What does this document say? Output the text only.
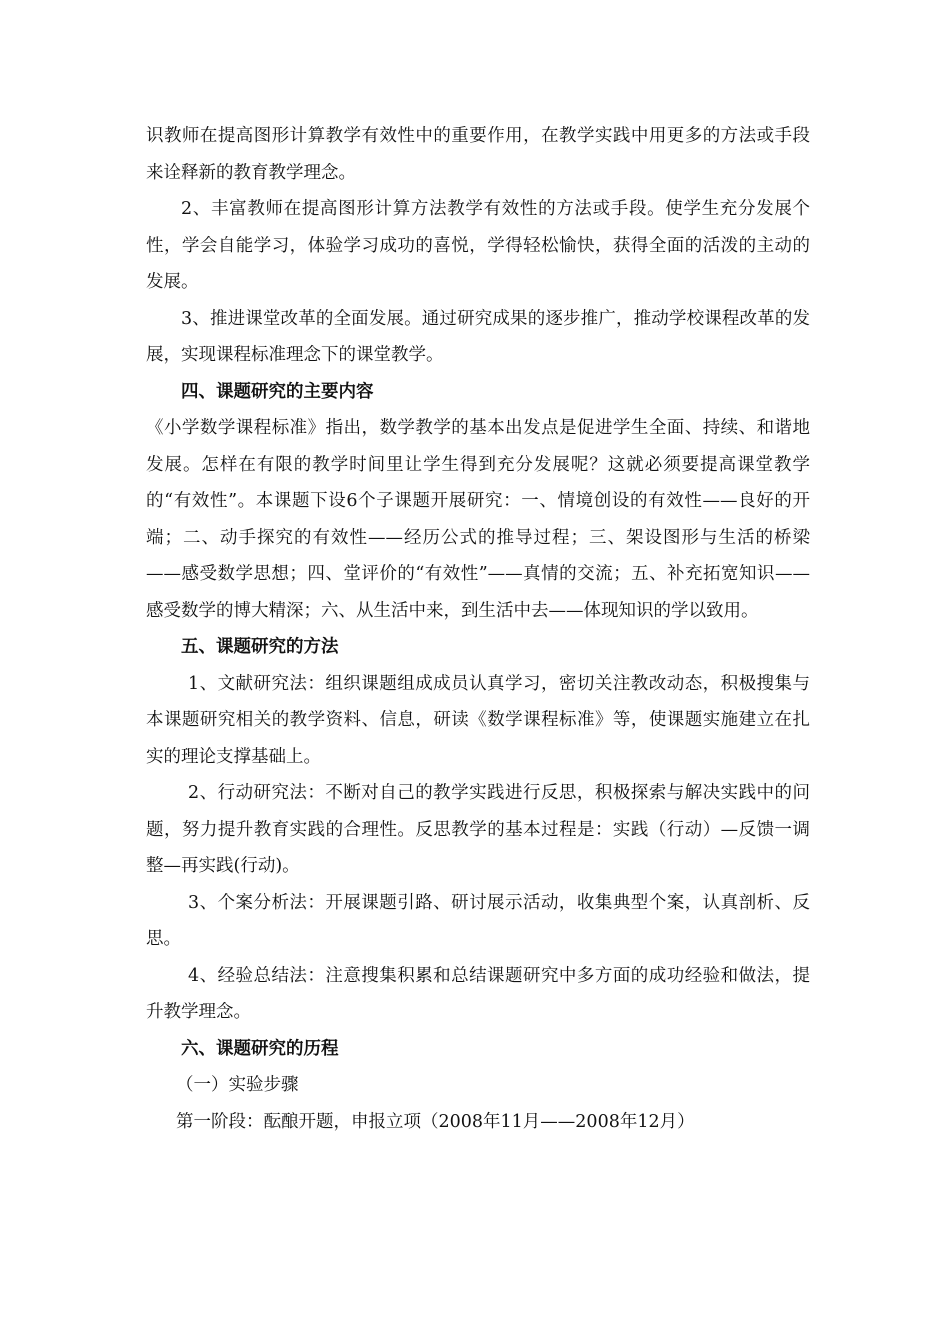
识教师在提高图形计算教学有效性中的重要作用，在教学实践中用更多的方法或手段来诠释新的教育教学理念。

2、丰富教师在提高图形计算方法教学有效性的方法或手段。使学生充分发展个性，学会自能学习，体验学习成功的喜悦，学得轻松愉快，获得全面的活泼的主动的发展。

3、推进课堂改革的全面发展。通过研究成果的逐步推广，推动学校课程改革的发展，实现课程标准理念下的课堂教学。

四、课题研究的主要内容

《小学数学课程标准》指出，数学教学的基本出发点是促进学生全面、持续、和谐地发展。怎样在有限的教学时间里让学生得到充分发展呢？这就必须要提高课堂教学的“有效性”。本课题下设6个子课题开展研究：一、情境创设的有效性——良好的开端；二、动手探究的有效性——经历公式的推导过程；三、架设图形与生活的桥梁——感受数学思想；四、堂评价的“有效性”——真情的交流；五、补充拓宽知识——感受数学的博大精深；六、从生活中来，到生活中去——体现知识的学以致用。

五、课题研究的方法

1、文献研究法：组织课题组成成员认真学习，密切关注教改动态，积极搜集与本课题研究相关的教学资料、信息，研读《数学课程标准》等，使课题实施建立在扎实的理论支撑基础上。

2、行动研究法：不断对自己的教学实践进行反思，积极探索与解决实践中的问题，努力提升教育实践的合理性。反思教学的基本过程是：实践（行动）—反馈一调整—再实践(行动)。

3、个案分析法：开展课题引路、研讨展示活动，收集典型个案，认真剖析、反思。

4、经验总结法：注意搜集积累和总结课题研究中多方面的成功经验和做法，提升教学理念。

六、课题研究的历程

（一）实验步骤

第一阶段：酝酿开题，申报立项（2008年11月——2008年12月）
